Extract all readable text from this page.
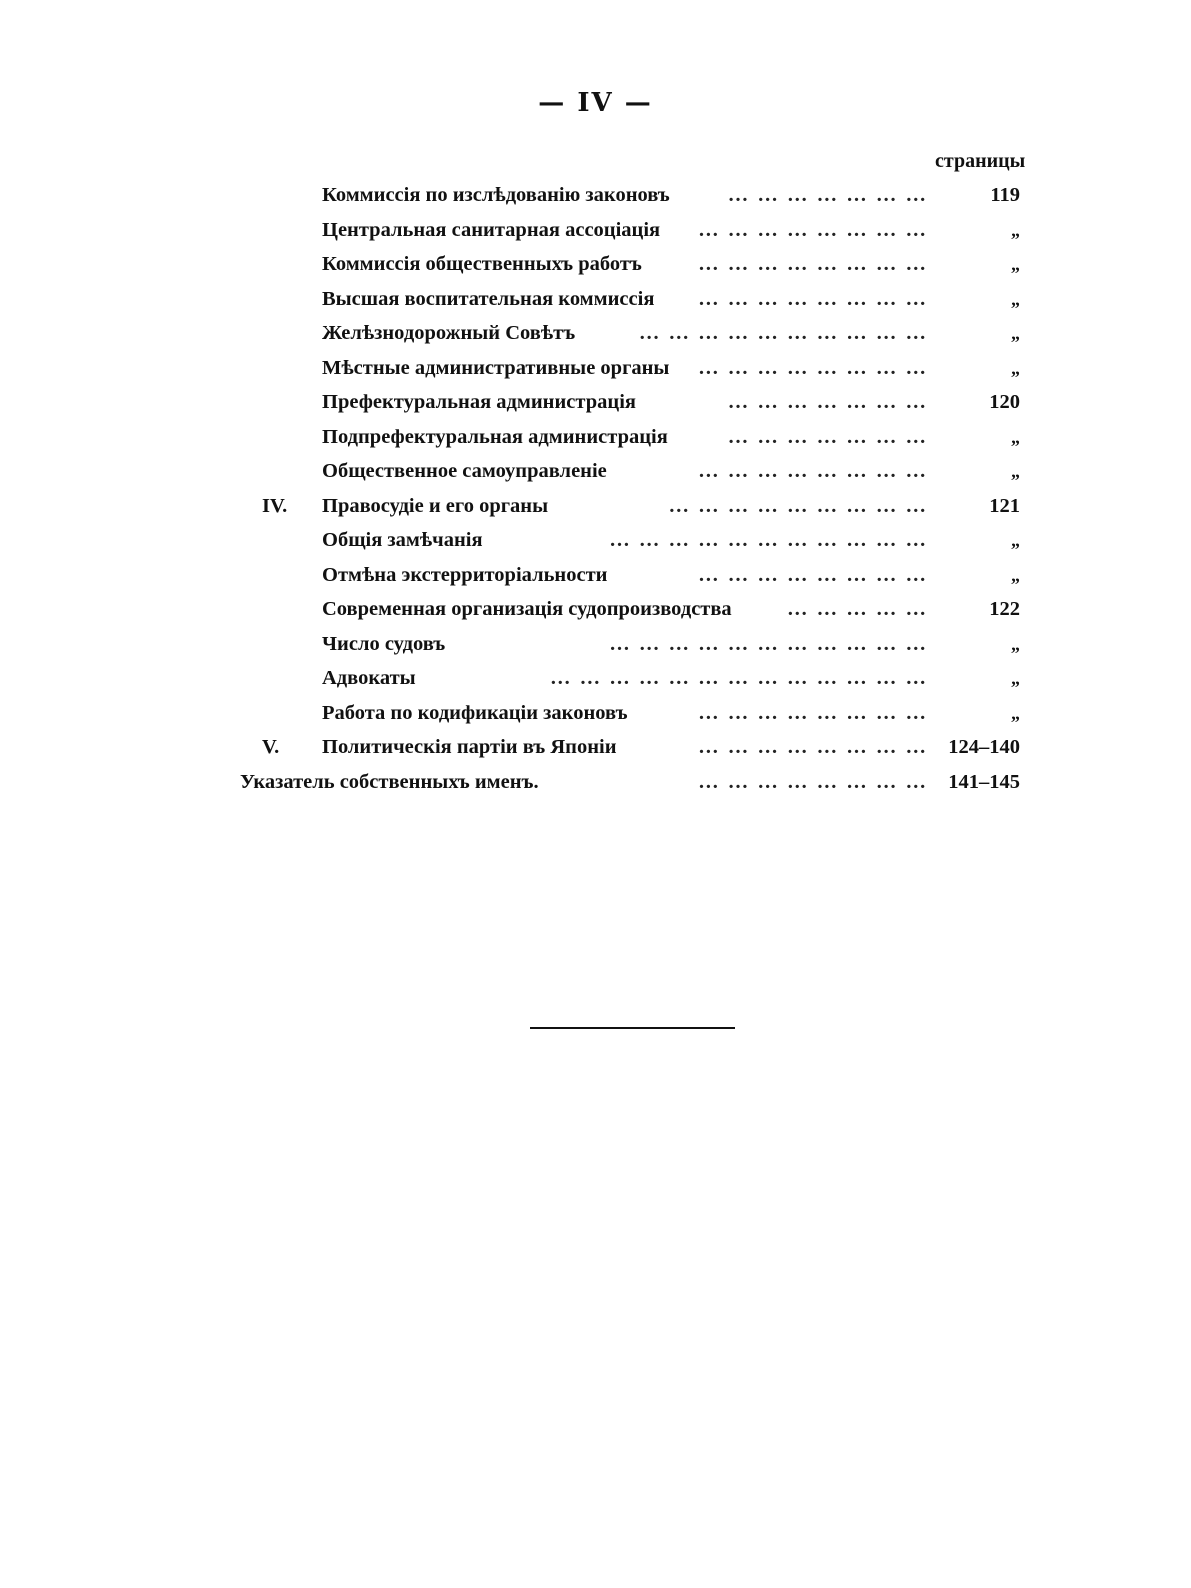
— IV —
страницы
Коммиссія по изслѣдованію законовъ	… … … … … … …	119
Центральная санитарная ассоціація … … … … … … … …	„
Коммиссія общественныхъ работъ	… … … … … … … …	„
Высшая воспитательная коммиссія … … … … … … … …	„
Желѣзнодорожный Совѣтъ	… … … … … … … … … …	„
Мѣстные административные органы … … … … … … … …	„
Префектуральная администрація	… … … … … … …	120
Подпрефектуральная администрація	… … … … … … …	„
Общественное самоуправленіе	… … … … … … … …	„
IV.	Правосудіе и его органы	… … … … … … … … …	121
Общія замѣчанія	… … … … … … … … … … …	„
Отмѣна экстерриторіальности	… … … … … … … …	„
Современная организація судопроизводства	… … … … …	122
Число судовъ	… … … … … … … … … … …	„
Адвокаты	… … … … … … … … … … … … …	„
Работа по кодификаціи законовъ	… … … … … … … …	„
V.	Политическія партіи въ Японіи	… … … … … … … … 124–140
Указатель собственныхъ именъ.	… … … … … … … … 141–145
